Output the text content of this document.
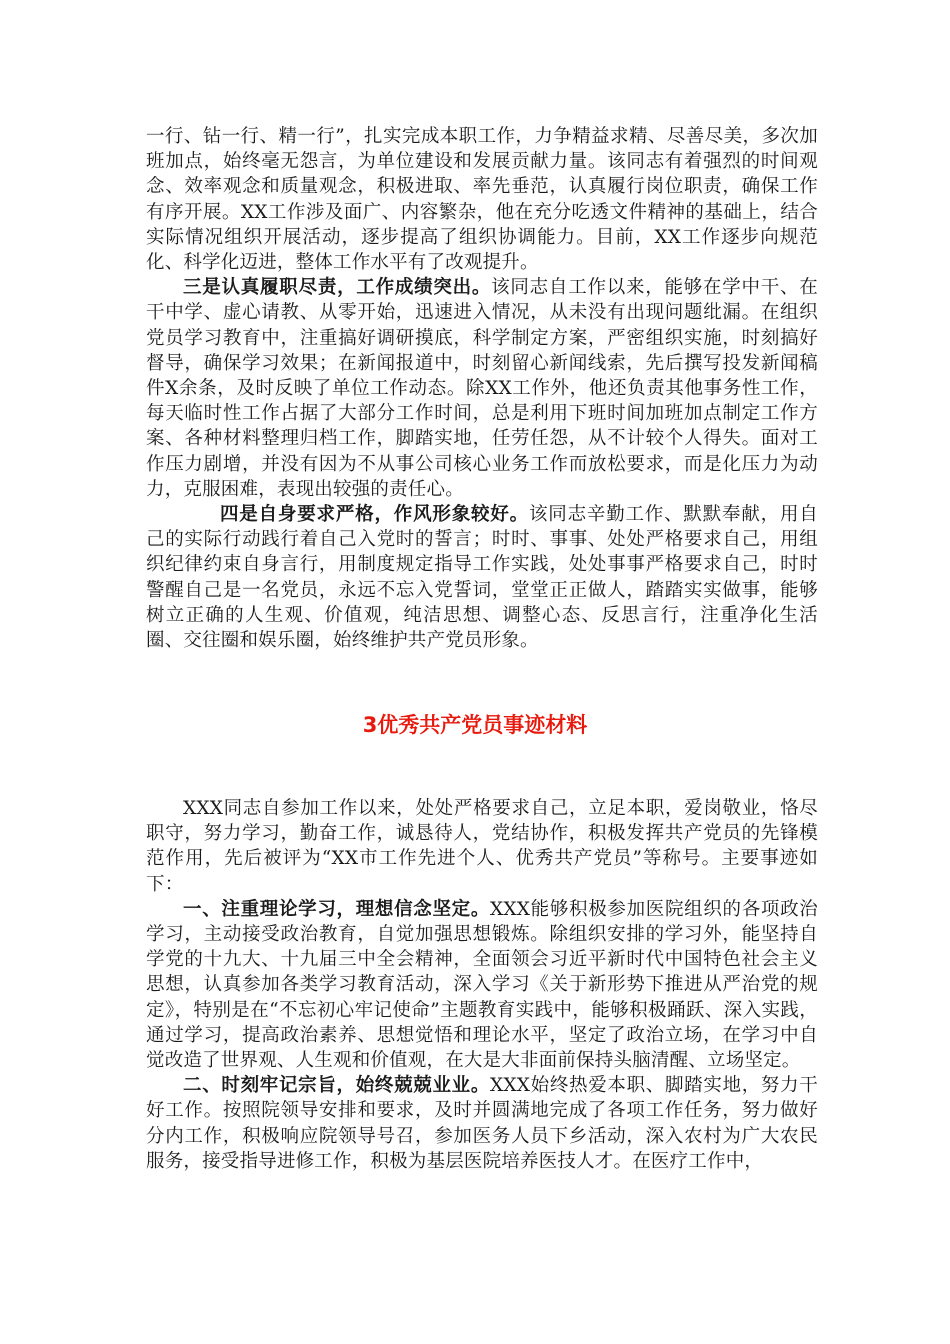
一行、钻一行、精一行”，扎实完成本职工作，力争精益求精、尽善尽美，多次加班加点，始终毫无怨言，为单位建设和发展贡献力量。该同志有着强烈的时间观念、效率观念和质量观念，积极进取、率先垂范，认真履行岗位职责，确保工作有序开展。XX工作涉及面广、内容繁杂，他在充分吃透文件精神的基础上，结合实际情况组织开展活动，逐步提高了组织协调能力。目前，XX工作逐步向规范化、科学化迈进，整体工作水平有了改观提升。

三是认真履职尽责，工作成绩突出。该同志自工作以来，能够在学中干、在干中学、虚心请教、从零开始，迅速进入情况，从未没有出现问题纰漏。在组织党员学习教育中，注重搞好调研摸底，科学制定方案，严密组织实施，时刻搞好督导，确保学习效果；在新闻报道中，时刻留心新闻线索，先后撰写投发新闻稿件X余条，及时反映了单位工作动态。除XX工作外，他还负责其他事务性工作，每天临时性工作占据了大部分工作时间，总是利用下班时间加班加点制定工作方案、各种材料整理归档工作，脚踏实地，任劳任怨，从不计较个人得失。面对工作压力剧增，并没有因为不从事公司核心业务工作而放松要求，而是化压力为动力，克服困难，表现出较强的责任心。

四是自身要求严格，作风形象较好。该同志辛勤工作、默默奉献，用自己的实际行动践行着自己入党时的誓言；时时、事事、处处严格要求自己，用组织纪律约束自身言行，用制度规定指导工作实践，处处事事严格要求自己，时时警醒自己是一名党员，永远不忘入党誓词，堂堂正正做人，踏踏实实做事，能够树立正确的人生观、价值观，纯洁思想、调整心态、反思言行，注重净化生活圈、交往圈和娱乐圈，始终维护共产党员形象。

3优秀共产党员事迹材料

XXX同志自参加工作以来，处处严格要求自己，立足本职，爱岗敬业，恪尽职守，努力学习，勤奋工作，诚恳待人，党结协作，积极发挥共产党员的先锋模范作用，先后被评为“XX市工作先进个人、优秀共产党员”等称号。主要事迹如下：

一、注重理论学习，理想信念坚定。XXX能够积极参加医院组织的各项政治学习，主动接受政治教育，自觉加强思想锻炼。除组织安排的学习外，能坚持自学党的十九大、十九届三中全会精神，全面领会习近平新时代中国特色社会主义思想，认真参加各类学习教育活动，深入学习《关于新形势下推进从严治党的规定》，特别是在“不忘初心牢记使命”主题教育实践中，能够积极踊跃、深入实践，通过学习，提高政治素养、思想觉悟和理论水平，坚定了政治立场，在学习中自觉改造了世界观、人生观和价值观，在大是大非面前保持头脑清醒、立场坚定。

二、时刻牢记宗旨，始终兢兢业业。XXX始终热爱本职、脚踏实地，努力干好工作。按照院领导安排和要求，及时并圆满地完成了各项工作任务，努力做好分内工作，积极响应院领导号召，参加医务人员下乡活动，深入农村为广大农民服务，接受指导进修工作，积极为基层医院培养医技人才。在医疗工作中，
